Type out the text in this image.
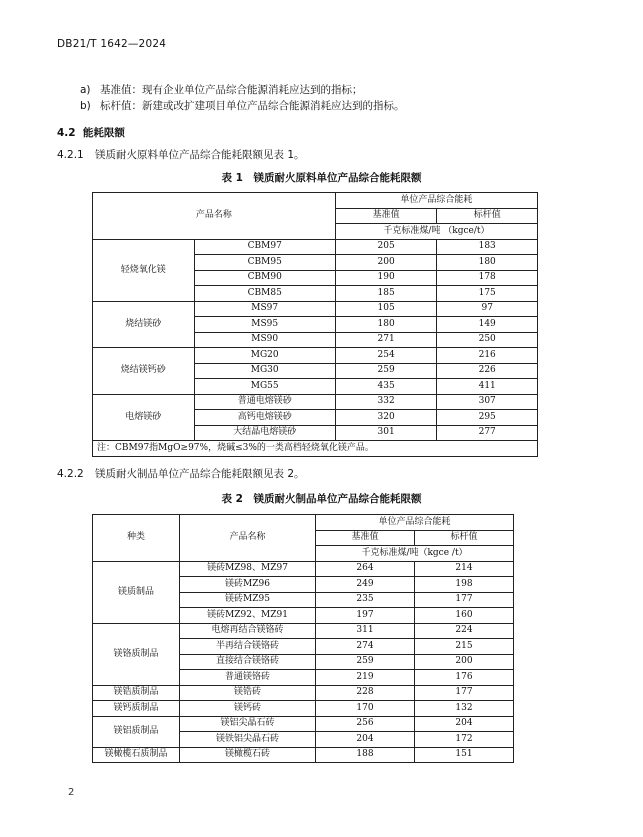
DB21/T 1642—2024
a) 基准值：现有企业单位产品综合能源消耗应达到的指标；
b) 标杆值：新建或改扩建项目单位产品综合能源消耗应达到的指标。
4.2 能耗限额
4.2.1 镁质耐火原料单位产品综合能耗限额见表 1。
表 1　镁质耐火原料单位产品综合能耗限额
产品名称		单位产品综合能耗	
		基准值	标杆值
		千克标准煤/吨 （kgce/t）	
轻烧氧化镁	CBM97	205	183
	CBM95	200	180
	CBM90	190	178
	CBM85	185	175
烧结镁砂	MS97	105	97
	MS95	180	149
	MS90	271	250
烧结镁钙砂	MG20	254	216
	MG30	259	226
	MG55	435	411
电熔镁砂	普通电熔镁砂	332	307
	高钙电熔镁砂	320	295
	大结晶电熔镁砂	301	277
注：CBM97指MgO≥97%，烧碱≤3%的一类高档轻烧氧化镁产品。			
4.2.2 镁质耐火制品单位产品综合能耗限额见表 2。
表 2　镁质耐火制品单位产品综合能耗限额
种类	产品名称	单位产品综合能耗	
		基准值	标杆值
		千克标准煤/吨（kgce /t）	
镁质制品	镁砖MZ98、MZ97	264	214
	镁砖MZ96	249	198
	镁砖MZ95	235	177
	镁砖MZ92、MZ91	197	160
镁铬质制品	电熔再结合镁铬砖	311	224
	半再结合镁铬砖	274	215
	直接结合镁铬砖	259	200
	普通镁铬砖	219	176
镁锆质制品	镁锆砖	228	177
镁钙质制品	镁钙砖	170	132
镁铝质制品	镁铝尖晶石砖	256	204
	镁铁铝尖晶石砖	204	172
镁橄榄石质制品	镁橄榄石砖	188	151
2
